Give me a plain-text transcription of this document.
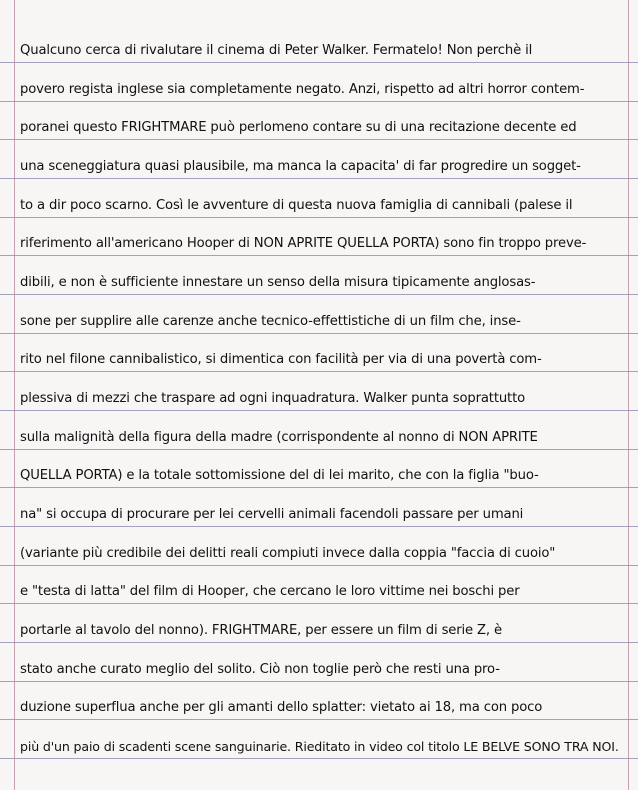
Qualcuno cerca di rivalutare il cinema di Peter Walker. Fermatelo! Non perchè il
povero regista inglese sia completamente negato. Anzi, rispetto ad altri horror contem-
poranei questo FRIGHTMARE può perlomeno contare su di una recitazione decente ed
una sceneggiatura quasi plausibile, ma manca la capacita' di far progredire un sogget-
to a dir poco scarno. Così le avventure di questa nuova famiglia di cannibali (palese il
riferimento all'americano Hooper di NON APRITE QUELLA PORTA) sono fin troppo preve-
dibili, e non è sufficiente innestare un senso della misura tipicamente anglosas-
sone per supplire alle carenze anche tecnico-effettistiche di un film che, inse-
rito nel filone cannibalistico, si dimentica con facilità per via di una povertà com-
plessiva di mezzi che traspare ad ogni inquadratura. Walker punta soprattutto
sulla malignità della figura della madre (corrispondente al nonno di NON APRITE
QUELLA PORTA) e la totale sottomissione del di lei marito, che con la figlia "buo-
na" si occupa di procurare per lei cervelli animali facendoli passare per umani
(variante più credibile dei delitti reali compiuti invece dalla coppia "faccia di cuoio"
e "testa di latta" del film di Hooper, che cercano le loro vittime nei boschi per
portarle al tavolo del nonno). FRIGHTMARE, per essere un film di serie Z, è
stato anche curato meglio del solito. Ciò non toglie però che resti una pro-
duzione superflua anche per gli amanti dello splatter: vietato ai 18, ma con poco
più d'un paio di scadenti scene sanguinarie. Rieditato in video col titolo LE BELVE SONO TRA NOI.
